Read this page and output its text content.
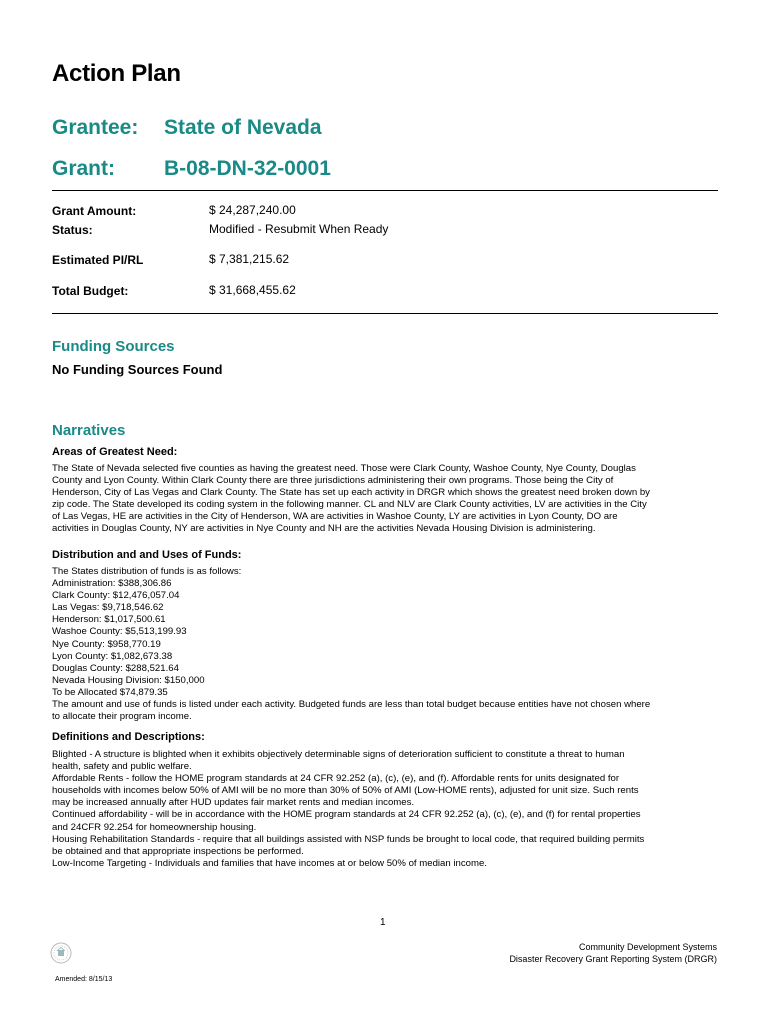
Action Plan
Grantee: State of Nevada
Grant: B-08-DN-32-0001
Grant Amount:	$ 24,287,240.00
Status:	Modified - Resubmit When Ready
Estimated PI/RL	$ 7,381,215.62
Total Budget:	$ 31,668,455.62
Funding Sources

No Funding Sources Found

Narratives
Areas of Greatest Need:
The State of Nevada selected five counties as having the greatest need. Those were Clark County, Washoe County, Nye County, Douglas
County and Lyon County. Within Clark County there are three jurisdictions administering their own programs. Those being the City of
Henderson, City of Las Vegas and Clark County. The State has set up each activity in DRGR which shows the greatest need broken down by
zip code. The State developed its coding system in the following manner. CL and NLV are Clark County activities, LV are activities in the City
of Las Vegas, HE are activities in the City of Henderson, WA are activities in Washoe County, LY are activities in Lyon County, DO are
activities in Douglas County, NY are activities in Nye County and NH are the activities Nevada Housing Division is administering.
Distribution and and Uses of Funds:
The States distribution of funds is as follows:
Administration: $388,306.86
Clark County: $12,476,057.04
Las Vegas: $9,718,546.62
Henderson: $1,017,500.61
Washoe County: $5,513,199.93
Nye County: $958,770.19
Lyon County: $1,082,673.38
Douglas County: $288,521.64
Nevada Housing Division: $150,000
To be Allocated $74,879.35
The amount and use of funds is listed under each activity. Budgeted funds are less than total budget because entities have not chosen where
to allocate their program income.
Definitions and Descriptions:
Blighted - A structure is blighted when it exhibits objectively determinable signs of deterioration sufficient to constitute a threat to human
health, safety and public welfare.
Affordable Rents - follow the HOME program standards at 24 CFR 92.252 (a), (c), (e), and (f). Affordable rents for units designated for
households with incomes below 50% of AMI will be no more than 30% of 50% of AMI (Low-HOME rents), adjusted for unit size. Such rents
may be increased annually after HUD updates fair market rents and median incomes.
Continued affordability - will be in accordance with the HOME program standards at 24 CFR 92.252 (a), (c), (e), and (f) for rental properties
and 24CFR 92.254 for homeownership housing.
Housing Rehabilitation Standards - require that all buildings assisted with NSP funds be brought to local code, that required building permits
be obtained and that appropriate inspections be performed.
Low-Income Targeting - Individuals and families that have incomes at or below 50% of median income.
1
Community Development Systems
Disaster Recovery Grant Reporting System (DRGR)
Amended: 8/15/13
